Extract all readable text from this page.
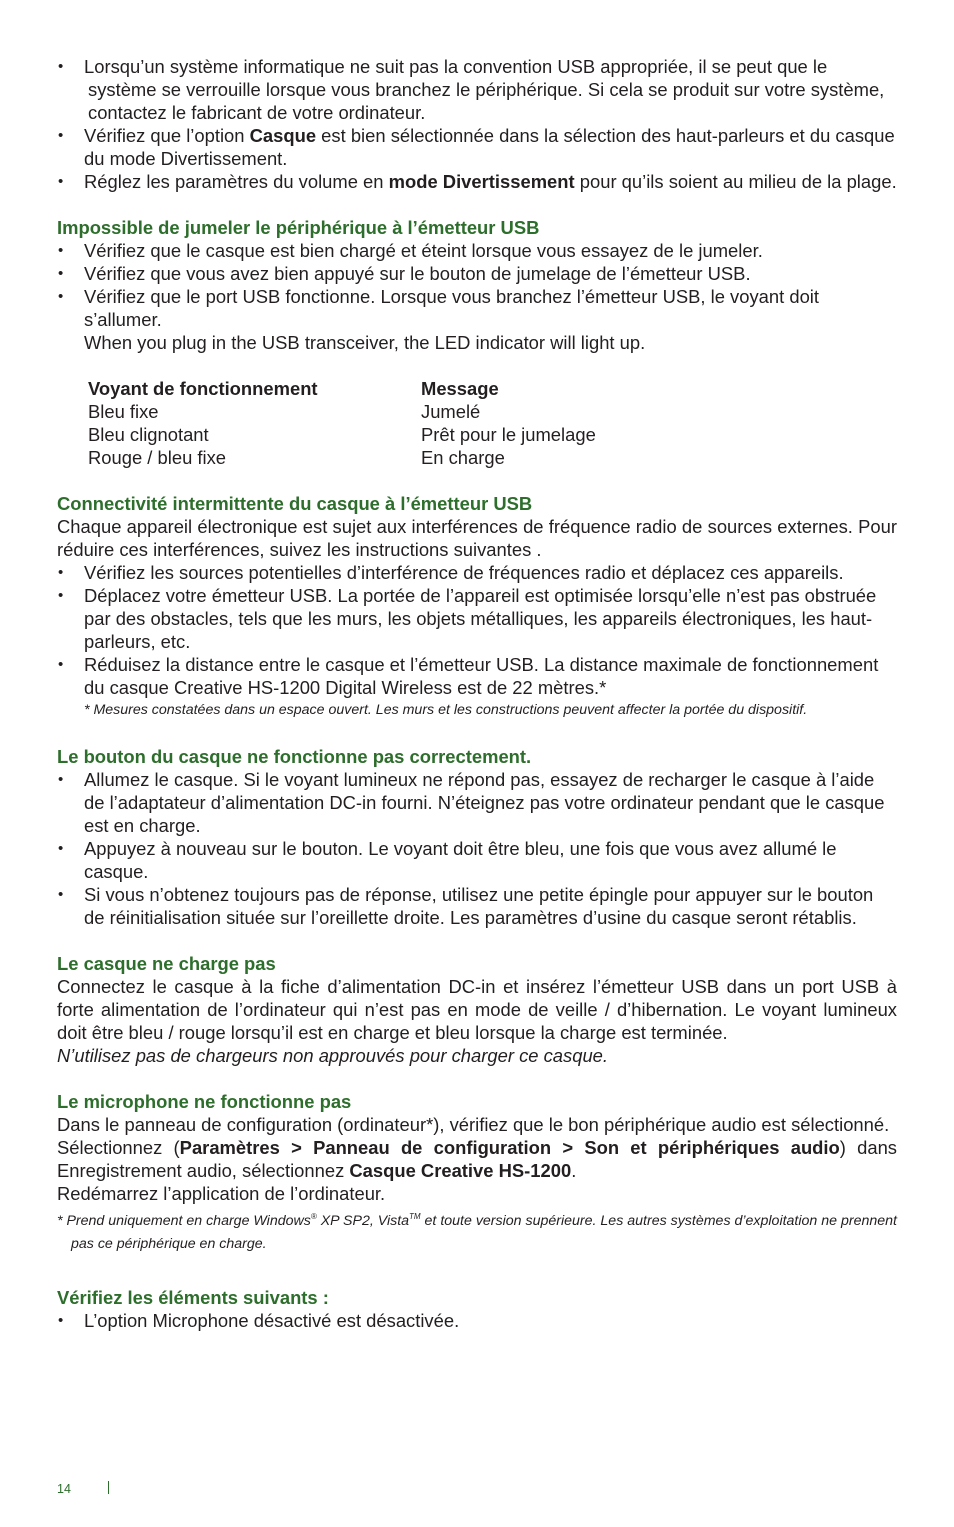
• Lorsqu’un système informatique ne suit pas la convention USB appropriée, il se peut que le système se verrouille lorsque vous branchez le périphérique. Si cela se produit sur votre système, contactez le fabricant de votre ordinateur.
• Vérifiez que l’option Casque est bien sélectionnée dans la sélection des haut-parleurs et du casque du mode Divertissement.
• Réglez les paramètres du volume en mode Divertissement pour qu’ils soient au milieu de la plage.
Impossible de jumeler le périphérique à l’émetteur USB
• Vérifiez que le casque est bien chargé et éteint lorsque vous essayez de le jumeler.
• Vérifiez que vous avez bien appuyé sur le bouton de jumelage de l’émetteur USB.
• Vérifiez que le port USB fonctionne. Lorsque vous branchez l’émetteur USB, le voyant doit s’allumer.

When you plug in the USB transceiver, the LED indicator will light up.

Voyant de fonctionnement	Message
Bleu fixe	Jumelé
Bleu clignotant	Prêt pour le jumelage
Rouge / bleu fixe	En charge
Connectivité intermittente du casque à l’émetteur USB

Chaque appareil électronique est sujet aux interférences de fréquence radio de sources externes. Pour réduire ces interférences, suivez les instructions suivantes .

• Vérifiez les sources potentielles d’interférence de fréquences radio et déplacez ces appareils.
• Déplacez votre émetteur USB. La portée de l’appareil est optimisée lorsqu’elle n’est pas obstruée par des obstacles, tels que les murs, les objets métalliques, les appareils électroniques, les haut-parleurs, etc.
• Réduisez la distance entre le casque et l’émetteur USB. La distance maximale de fonctionnement du casque Creative HS-1200 Digital Wireless est de 22 mètres.*

* Mesures constatées dans un espace ouvert. Les murs et les constructions peuvent affecter la portée du dispositif.

Le bouton du casque ne fonctionne pas correctement.
• Allumez le casque. Si le voyant lumineux ne répond pas, essayez de recharger le casque à l’aide de l’adaptateur d’alimentation DC-in fourni. N’éteignez pas votre ordinateur pendant que le casque est en charge.
• Appuyez à nouveau sur le bouton. Le voyant doit être bleu, une fois que vous avez allumé le casque.
• Si vous n’obtenez toujours pas de réponse, utilisez une petite épingle pour appuyer sur le bouton de réinitialisation située sur l’oreillette droite. Les paramètres d’usine du casque seront rétablis.
Le casque ne charge pas

Connectez le casque à la fiche d’alimentation DC-in et insérez l’émetteur USB dans un port USB à forte alimentation de l’ordinateur qui n’est pas en mode de veille / d’hibernation. Le voyant lumineux doit être bleu / rouge lorsqu’il est en charge et bleu lorsque la charge est terminée.

N’utilisez pas de chargeurs non approuvés pour charger ce casque.

Le microphone ne fonctionne pas

Dans le panneau de configuration (ordinateur*), vérifiez que le bon périphérique audio est sélectionné.

Sélectionnez (Paramètres > Panneau de configuration > Son et périphériques audio) dans Enregistrement audio, sélectionnez Casque Creative HS-1200.

Redémarrez l’application de l’ordinateur.

* Prend uniquement en charge Windows® XP SP2, Vista™ et toute version supérieure. Les autres systèmes d’exploitation ne prennent pas ce périphérique en charge.

Vérifiez les éléments suivants :
• L’option Microphone désactivé est désactivée.
14
